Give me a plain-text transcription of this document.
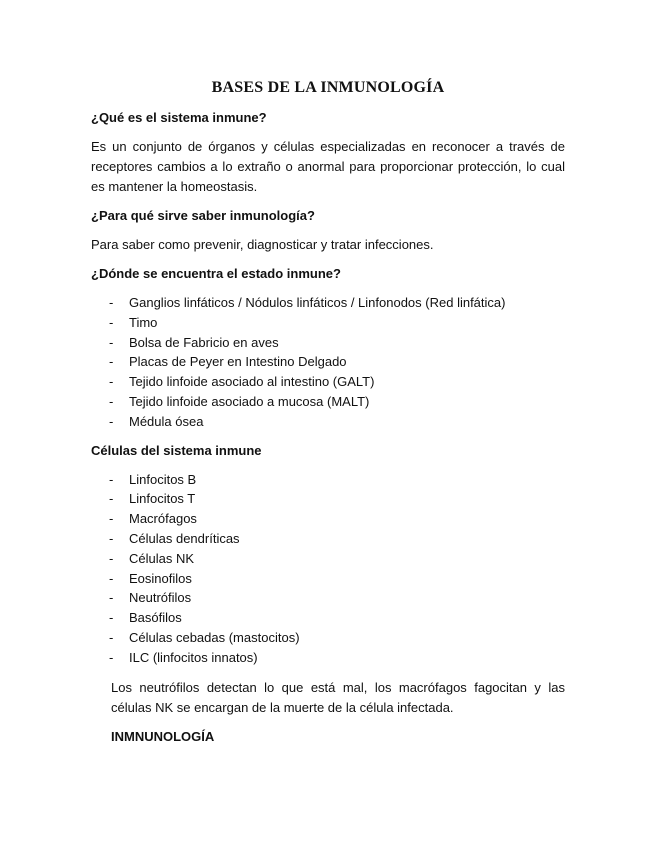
BASES DE LA INMUNOLOGÍA
¿Qué es el sistema inmune?
Es un conjunto de órganos y células especializadas en reconocer a través de receptores cambios a lo extraño o anormal para proporcionar protección, lo cual es mantener la homeostasis.
¿Para qué sirve saber inmunología?
Para saber como prevenir, diagnosticar y tratar infecciones.
¿Dónde se encuentra el estado inmune?
- Ganglios linfáticos / Nódulos linfáticos / Linfonodos (Red linfática)
- Timo
- Bolsa de Fabricio en aves
- Placas de Peyer en Intestino Delgado
- Tejido linfoide asociado al intestino (GALT)
- Tejido linfoide asociado a mucosa (MALT)
- Médula ósea
Células del sistema inmune
- Linfocitos B
- Linfocitos T
- Macrófagos
- Células dendríticas
- Células NK
- Eosinofilos
- Neutrófilos
- Basófilos
- Células cebadas (mastocitos)
- ILC (linfocitos innatos)
Los neutrófilos detectan lo que está mal, los macrófagos fagocitan y las células NK se encargan de la muerte de la célula infectada.
INMNUNOLOGÍA
